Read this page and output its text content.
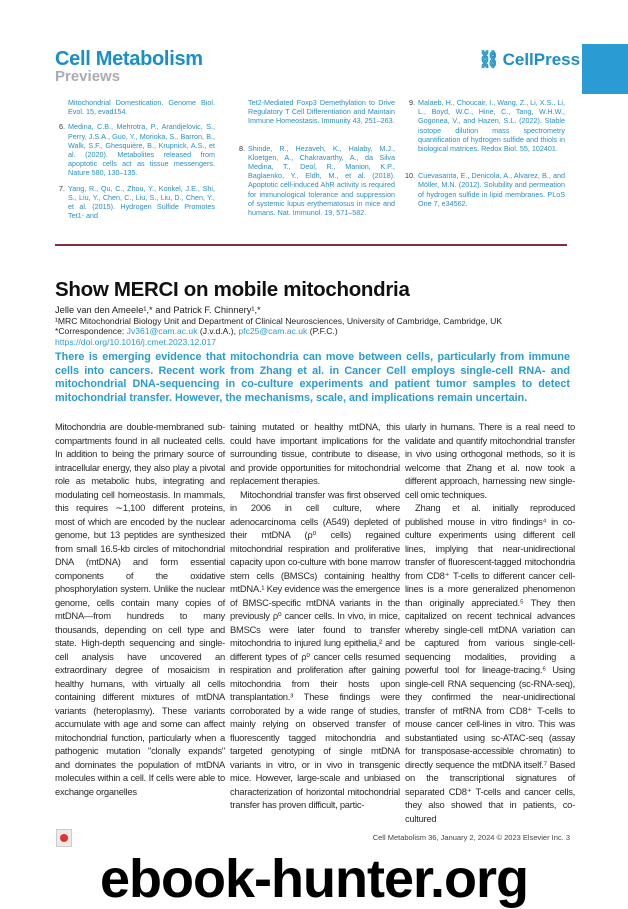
Cell Metabolism
Previews
⛓ CellPress
Mitochondrial Domestication. Genome Biol. Evol. 15, evad154.
6. Medina, C.B., Mehrotra, P., Arandjelovic, S., Perry, J.S.A., Guo, Y., Morioka, S., Barron, B., Walk, S.F., Ghesquière, B., Krupnick, A.S., et al. (2020). Metabolites released from apoptotic cells act as tissue messengers. Nature 580, 130–135.
7. Yang, R., Qu, C., Zhou, Y., Konkel, J.E., Shi, S., Liu, Y., Chen, C., Liu, S., Liu, D., Chen, Y., et al. (2015). Hydrogen Sulfide Promotes Tet1- and
Tet2-Mediated Foxp3 Demethylation to Drive Regulatory T Cell Differentiation and Maintain Immune Homeostasis. Immunity 43, 251–263.
8. Shinde, R., Hezaveh, K., Halaby, M.J., Kloetgen, A., Chakravarthy, A., da Silva Medina, T., Deol, R., Manion, K.P., Baglaenko, Y., Eldh, M., et al. (2018). Apoptotic cell-induced AhR activity is required for immunological tolerance and suppression of systemic lupus erythematosus in mice and humans. Nat. Immunol. 19, 571–582.
9. Malaeb, H., Choucair, I., Wang, Z., Li, X.S., Li, L., Boyd, W.C., Hine, C., Tang, W.H.W., Gogonea, V., and Hazen, S.L. (2022). Stable isotope dilution mass spectrometry quantification of hydrogen sulfide and thiols in biological matrices. Redox Biol. 55, 102401.
10. Cuevasanta, E., Denicola, A., Alvarez, B., and Möller, M.N. (2012). Solubility and permeation of hydrogen sulfide in lipid membranes. PLoS One 7, e34562.
Show MERCI on mobile mitochondria
Jelle van den Ameele¹,* and Patrick F. Chinnery¹,*
¹MRC Mitochondrial Biology Unit and Department of Clinical Neurosciences, University of Cambridge, Cambridge, UK
*Correspondence: Jv361@cam.ac.uk (J.v.d.A.), pfc25@cam.ac.uk (P.F.C.)
https://doi.org/10.1016/j.cmet.2023.12.017
There is emerging evidence that mitochondria can move between cells, particularly from immune cells into cancers. Recent work from Zhang et al. in Cancer Cell employs single-cell RNA- and mitochondrial DNA-sequencing in co-culture experiments and patient tumor samples to detect mitochondrial transfer. However, the mechanisms, scale, and implications remain uncertain.

Mitochondria are double-membraned sub-compartments found in all nucleated cells. In addition to being the primary source of intracellular energy, they also play a pivotal role as metabolic hubs, integrating and modulating cell homeostasis. In mammals, this requires ∼1,100 different proteins, most of which are encoded by the nuclear genome, but 13 peptides are synthesized from small 16.5-kb circles of mitochondrial DNA (mtDNA) and form essential components of the oxidative phosphorylation system. Unlike the nuclear genome, cells contain many copies of mtDNA—from hundreds to many thousands, depending on cell type and state. High-depth sequencing and single-cell analysis have uncovered an extraordinary degree of mosaicism in healthy humans, with virtually all cells containing different mixtures of mtDNA variants (heteroplasmy). These variants accumulate with age and some can affect mitochondrial function, particularly when a pathogenic mutation "clonally expands" and dominates the population of mtDNA molecules within a cell. If cells were able to exchange organelles

taining mutated or healthy mtDNA, this could have important implications for the surrounding tissue, contribute to disease, and provide opportunities for mitochondrial replacement therapies.

Mitochondrial transfer was first observed in 2006 in cell culture, where adenocarcinoma cells (A549) depleted of their mtDNA (ρ⁰ cells) regained mitochondrial respiration and proliferative capacity upon co-culture with bone marrow stem cells (BMSCs) containing healthy mtDNA.¹ Key evidence was the emergence of BMSC-specific mtDNA variants in the previously ρ⁰ cancer cells. In vivo, in mice, BMSCs were later found to transfer mitochondria to injured lung epithelia,² and different types of ρ⁰ cancer cells resumed respiration and proliferation after gaining mitochondria from their hosts upon transplantation.³ These findings were corroborated by a wide range of studies, mainly relying on observed transfer of fluorescently tagged mitochondria and targeted genotyping of single mtDNA variants in vitro, or in vivo in transgenic mice. However, large-scale and unbiased characterization of horizontal mitochondrial transfer has proven difficult, partic-

ularly in humans. There is a real need to validate and quantify mitochondrial transfer in vivo using orthogonal methods, so it is welcome that Zhang et al. now took a different approach, harnessing new single-cell omic techniques.

Zhang et al. initially reproduced published mouse in vitro findings⁴ in co-culture experiments using different cell lines, implying that near-unidirectional transfer of fluorescent-tagged mitochondria from CD8⁺ T-cells to different cancer cell-lines is a more generalized phenomenon than originally appreciated.⁵ They then capitalized on recent technical advances whereby single-cell mtDNA variation can be captured from various single-cell-sequencing modalities, providing a powerful tool for lineage-tracing.⁶ Using single-cell RNA sequencing (sc-RNA-seq), they confirmed the near-unidirectional transfer of mtRNA from CD8⁺ T-cells to mouse cancer cell-lines in vitro. This was substantiated using sc-ATAC-seq (assay for transposase-accessible chromatin) to directly sequence the mtDNA itself.⁷ Based on the transcriptional signatures of separated CD8⁺ T-cells and cancer cells, they also showed that in patients, co-cultured

Cell Metabolism 36, January 2, 2024 © 2023 Elsevier Inc. 3
ebook-hunter.org
